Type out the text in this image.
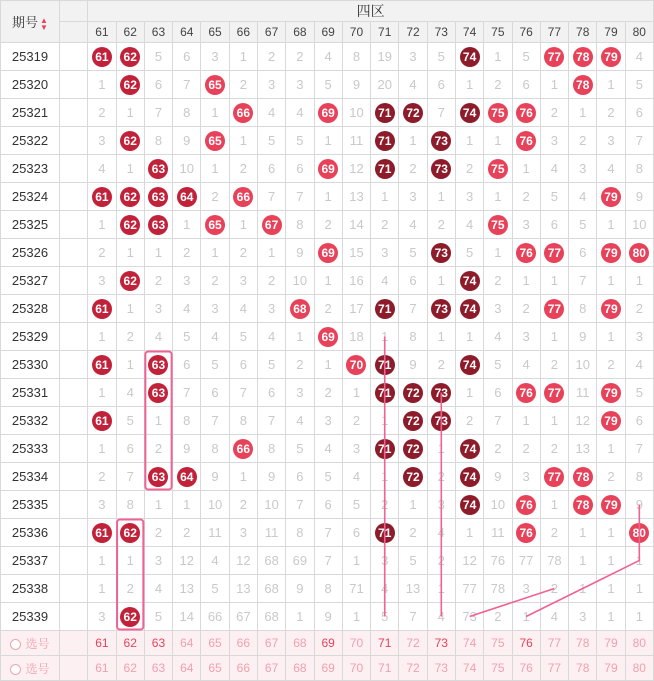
期号 ▲
▼		四区																			
		61	62	63	64	65	66	67	68	69	70	71	72	73	74	75	76	77	78	79	80
25319		61	62	5	6	3	1	2	2	4	8	19	3	5	74	1	5	77	78	79	4
25320		1	62	6	7	65	2	3	3	5	9	20	4	6	1	2	6	1	78	1	5
25321		2	1	7	8	1	66	4	4	69	10	71	72	7	74	75	76	2	1	2	6
25322		3	62	8	9	65	1	5	5	1	11	71	1	73	1	1	76	3	2	3	7
25323		4	1	63	10	1	2	6	6	69	12	71	2	73	2	75	1	4	3	4	8
25324		61	62	63	64	2	66	7	7	1	13	1	3	1	3	1	2	5	4	79	9
25325		1	62	63	1	65	1	67	8	2	14	2	4	2	4	75	3	6	5	1	10
25326		2	1	1	2	1	2	1	9	69	15	3	5	73	5	1	76	77	6	79	80
25327		3	62	2	3	2	3	2	10	1	16	4	6	1	74	2	1	1	7	1	1
25328		61	1	3	4	3	4	3	68	2	17	71	7	73	74	3	2	77	8	79	2
25329		1	2	4	5	4	5	4	1	69	18	1	8	1	1	4	3	1	9	1	3
25330		61	1	63	6	5	6	5	2	1	70	71	9	2	74	5	4	2	10	2	4
25331		1	4	63	7	6	7	6	3	2	1	71	72	73	1	6	76	77	11	79	5
25332		61	5	1	8	7	8	7	4	3	2	1	72	73	2	7	1	1	12	79	6
25333		1	6	2	9	8	66	8	5	4	3	71	72	1	74	2	2	2	13	1	7
25334		2	7	63	64	9	1	9	6	5	4	1	72	2	74	9	3	77	78	2	8
25335		3	8	1	1	10	2	10	7	6	5	2	1	3	74	10	76	1	78	79	9
25336		61	62	2	2	11	3	11	8	7	6	71	2	4	1	11	76	2	1	1	80
25337		1	1	3	12	4	12	68	69	7	1	3	5	2	12	76	77	78	1	1	1
25338		1	2	4	13	5	13	68	9	8	71	4	13	1	77	78	3	2	1	1	1
25339		3	62	5	14	66	67	68	1	9	1	5	7	4	73	2	1	4	3	1	1
选号		61	62	63	64	65	66	67	68	69	70	71	72	73	74	75	76	77	78	79	80
选号		61	62	63	64	65	66	67	68	69	70	71	72	73	74	75	76	77	78	79	80
